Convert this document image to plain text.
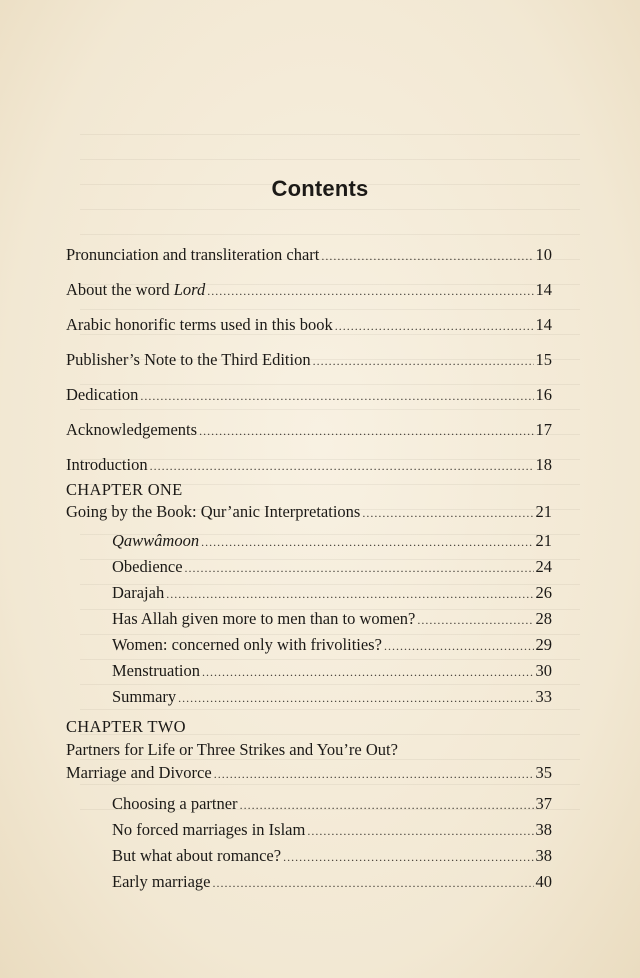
Contents
Pronunciation and transliteration chart .....	10
About the word Lord .....	14
Arabic honorific terms used in this book .....	14
Publisher’s Note to the Third Edition .....	15
Dedication .....	16
Acknowledgements .....	17
Introduction .....	18
CHAPTER ONE
Going by the Book: Qur’anic Interpretations .....	21
Qawwâmoon .....	21
Obedience .....	24
Darajah .....	26
Has Allah given more to men than to women? .....	28
Women: concerned only with frivolities? .....	29
Menstruation .....	30
Summary .....	33
CHAPTER TWO
Partners for Life or Three Strikes and You’re Out?
Marriage and Divorce .....	35
Choosing a partner .....	37
No forced marriages in Islam .....	38
But what about romance? .....	38
Early marriage .....	40
